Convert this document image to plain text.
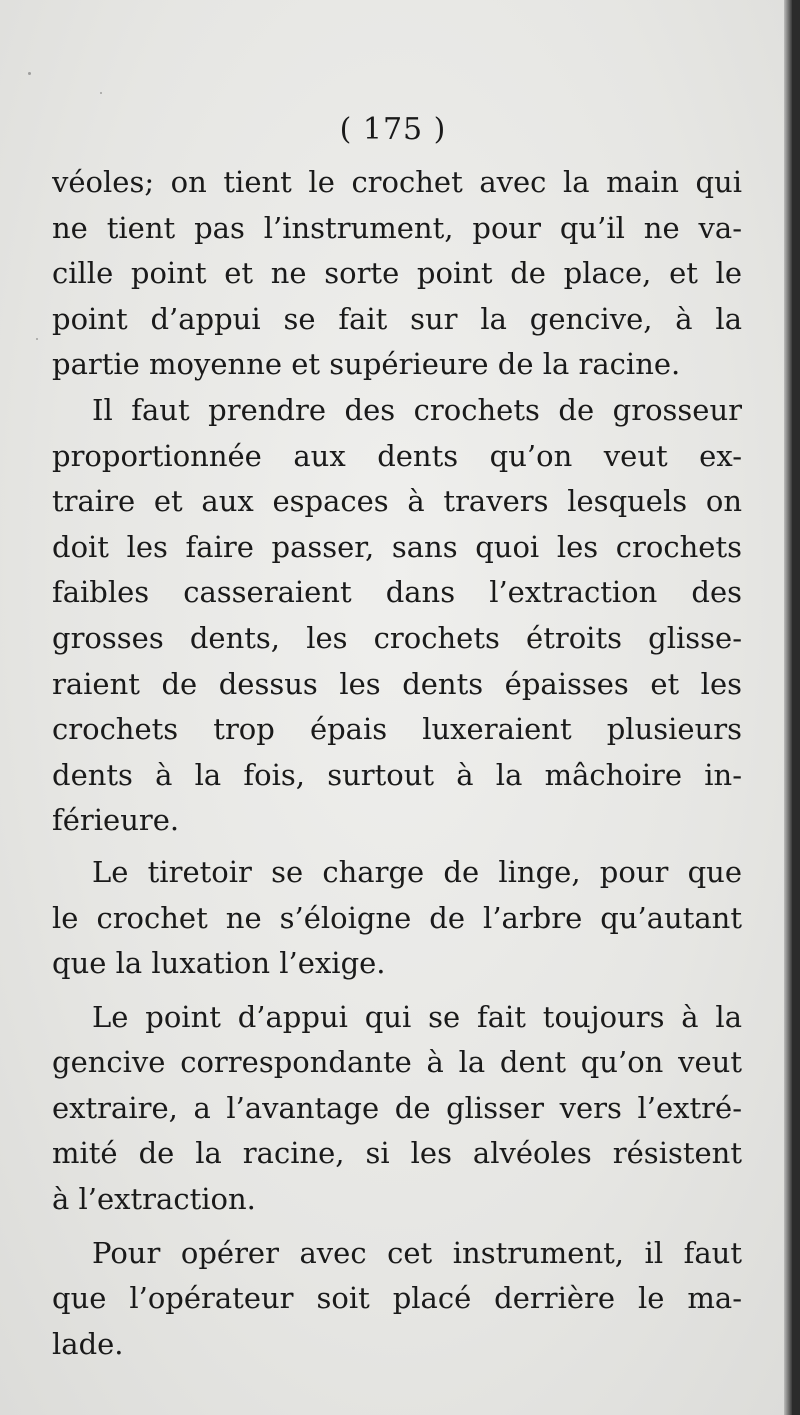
( 175 )
véoles; on tient le crochet avec la main qui
ne tient pas l’instrument, pour qu’il ne va-
cille point et ne sorte point de place, et le
point d’appui se fait sur la gencive, à la
partie moyenne et supérieure de la racine.
Il faut prendre des crochets de grosseur
proportionnée aux dents qu’on veut ex-
traire et aux espaces à travers lesquels on
doit les faire passer, sans quoi les crochets
faibles casseraient dans l’extraction des
grosses dents, les crochets étroits glisse-
raient de dessus les dents épaisses et les
crochets trop épais luxeraient plusieurs
dents à la fois, surtout à la mâchoire in-
férieure.
Le tiretoir se charge de linge, pour que
le crochet ne s’éloigne de l’arbre qu’autant
que la luxation l’exige.
Le point d’appui qui se fait toujours à la
gencive correspondante à la dent qu’on veut
extraire, a l’avantage de glisser vers l’extré-
mité de la racine, si les alvéoles résistent
à l’extraction.
Pour opérer avec cet instrument, il faut
que l’opérateur soit placé derrière le ma-
lade.
